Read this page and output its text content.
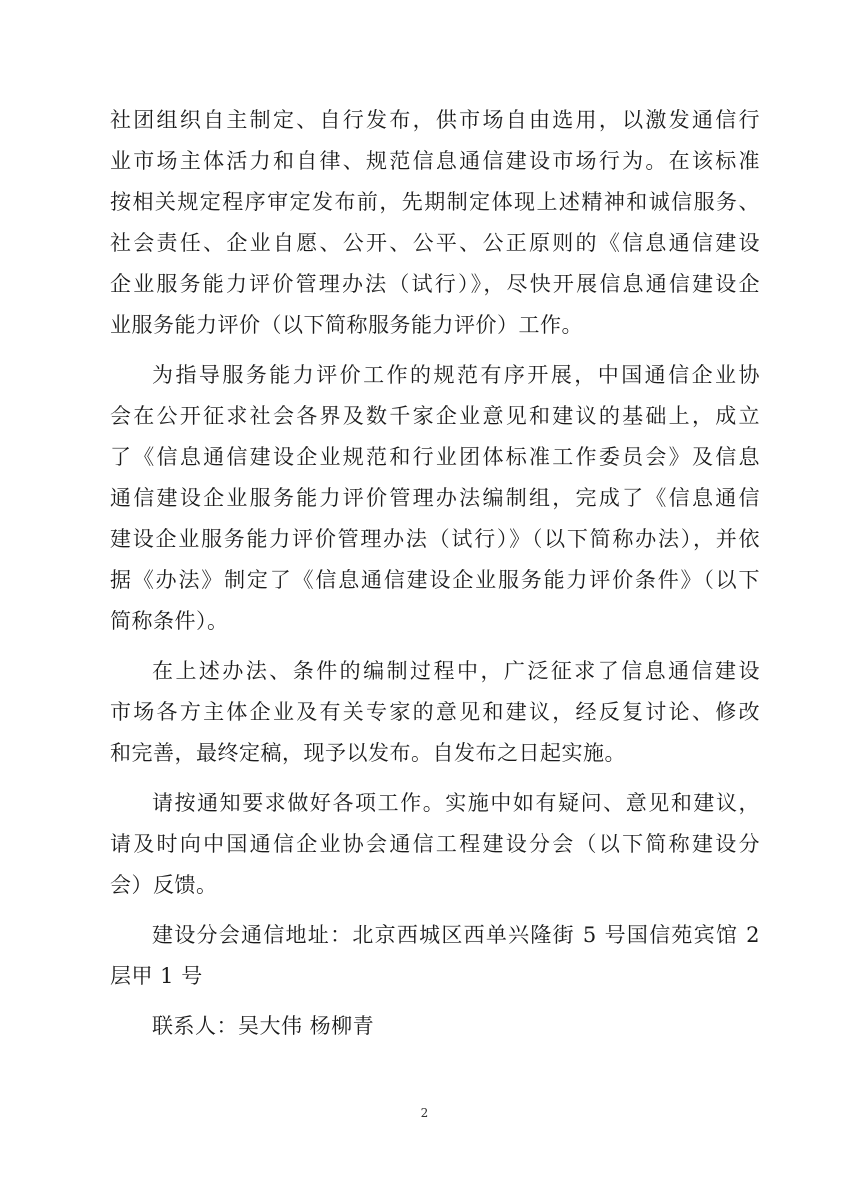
社团组织自主制定、自行发布，供市场自由选用，以激发通信行
业市场主体活力和自律、规范信息通信建设市场行为。在该标准
按相关规定程序审定发布前，先期制定体现上述精神和诚信服务、
社会责任、企业自愿、公开、公平、公正原则的《信息通信建设
企业服务能力评价管理办法（试行）》，尽快开展信息通信建设企
业服务能力评价（以下简称服务能力评价）工作。
为指导服务能力评价工作的规范有序开展，中国通信企业协
会在公开征求社会各界及数千家企业意见和建议的基础上，成立
了《信息通信建设企业规范和行业团体标准工作委员会》及信息
通信建设企业服务能力评价管理办法编制组，完成了《信息通信
建设企业服务能力评价管理办法（试行）》（以下简称办法），并依
据《办法》制定了《信息通信建设企业服务能力评价条件》（以下
简称条件）。
在上述办法、条件的编制过程中，广泛征求了信息通信建设
市场各方主体企业及有关专家的意见和建议，经反复讨论、修改
和完善，最终定稿，现予以发布。自发布之日起实施。
请按通知要求做好各项工作。实施中如有疑问、意见和建议，
请及时向中国通信企业协会通信工程建设分会（以下简称建设分
会）反馈。
建设分会通信地址：北京西城区西单兴隆街 5 号国信苑宾馆 2
层甲 1 号
联系人：吴大伟 杨柳青
2
